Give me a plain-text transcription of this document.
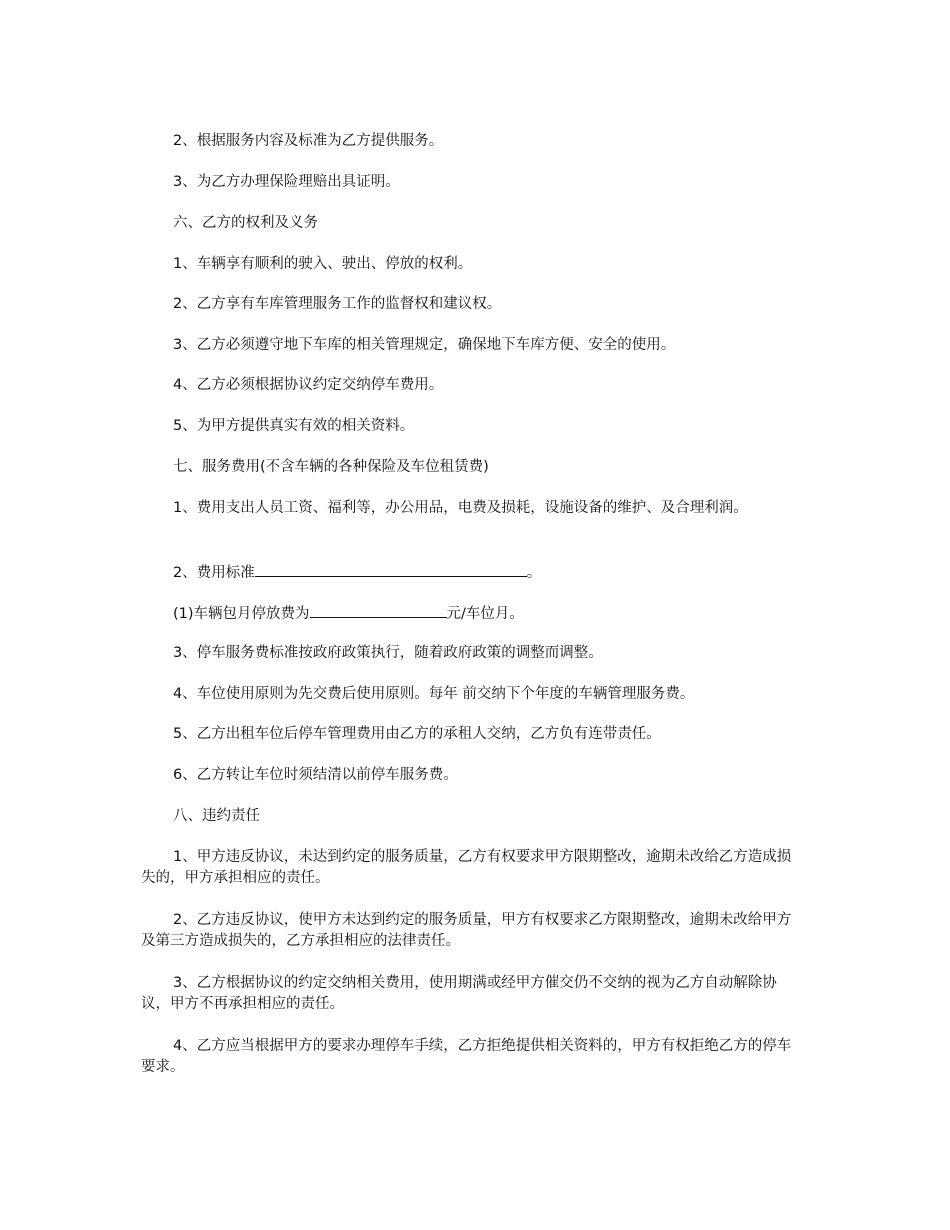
2、根据服务内容及标准为乙方提供服务。

3、为乙方办理保险理赔出具证明。

六、乙方的权利及义务

1、车辆享有顺利的驶入、驶出、停放的权利。

2、乙方享有车库管理服务工作的监督权和建议权。

3、乙方必须遵守地下车库的相关管理规定，确保地下车库方便、安全的使用。

4、乙方必须根据协议约定交纳停车费用。

5、为甲方提供真实有效的相关资料。

七、服务费用(不含车辆的各种保险及车位租赁费)

1、费用支出人员工资、福利等，办公用品，电费及损耗，设施设备的维护、及合理利润。

2、费用标准	。

(1)车辆包月停放费为	元/车位月。

3、停车服务费标准按政府政策执行，随着政府政策的调整而调整。

4、车位使用原则为先交费后使用原则。每年 前交纳下个年度的车辆管理服务费。

5、乙方出租车位后停车管理费用由乙方的承租人交纳，乙方负有连带责任。

6、乙方转让车位时须结清以前停车服务费。

八、违约责任

1、甲方违反协议，未达到约定的服务质量，乙方有权要求甲方限期整改，逾期未改给乙方造成损失的，甲方承担相应的责任。

2、乙方违反协议，使甲方未达到约定的服务质量，甲方有权要求乙方限期整改，逾期未改给甲方及第三方造成损失的，乙方承担相应的法律责任。

3、乙方根据协议的约定交纳相关费用，使用期满或经甲方催交仍不交纳的视为乙方自动解除协议，甲方不再承担相应的责任。

4、乙方应当根据甲方的要求办理停车手续，乙方拒绝提供相关资料的，甲方有权拒绝乙方的停车要求。
